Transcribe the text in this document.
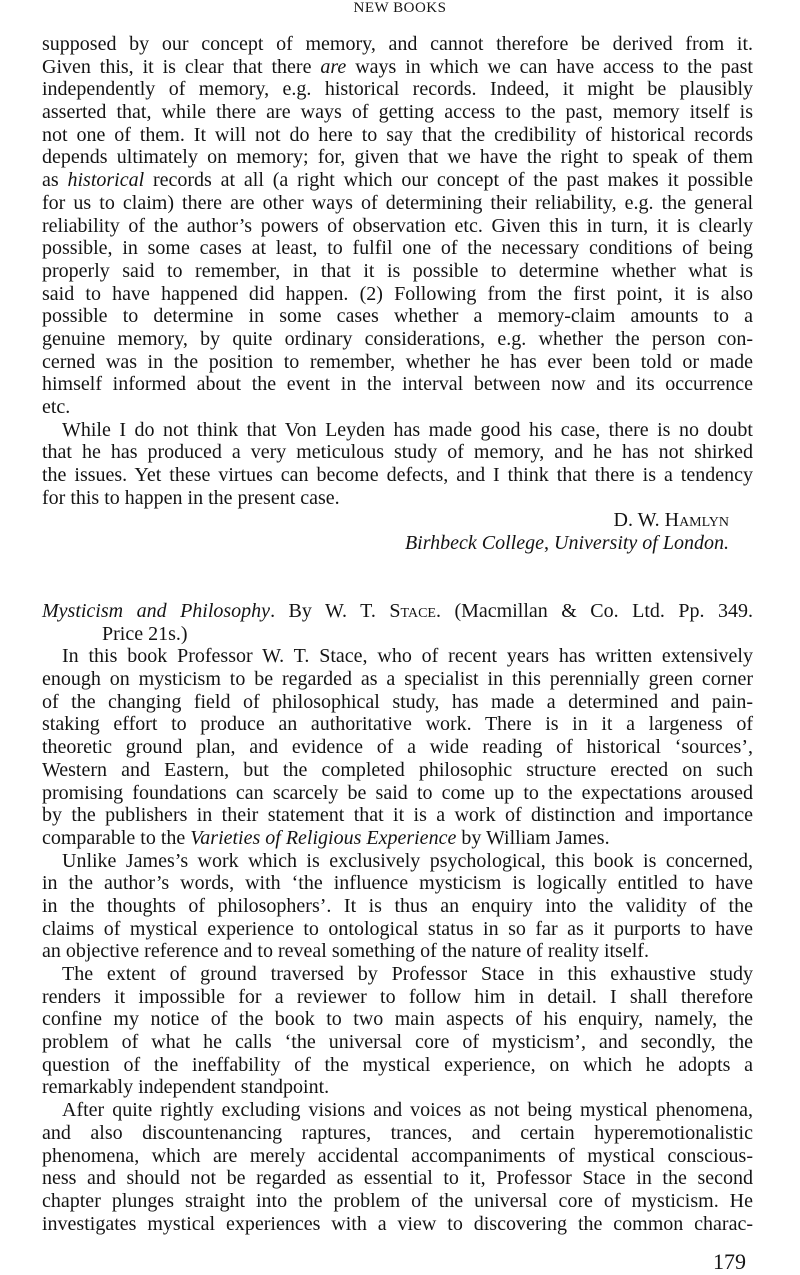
NEW BOOKS
supposed by our concept of memory, and cannot therefore be derived from it.
Given this, it is clear that there are ways in which we can have access to the past
independently of memory, e.g. historical records. Indeed, it might be plausibly
asserted that, while there are ways of getting access to the past, memory itself is
not one of them. It will not do here to say that the credibility of historical records
depends ultimately on memory; for, given that we have the right to speak of them
as historical records at all (a right which our concept of the past makes it possible
for us to claim) there are other ways of determining their reliability, e.g. the general
reliability of the author’s powers of observation etc. Given this in turn, it is clearly
possible, in some cases at least, to fulfil one of the necessary conditions of being
properly said to remember, in that it is possible to determine whether what is
said to have happened did happen. (2) Following from the first point, it is also
possible to determine in some cases whether a memory-claim amounts to a
genuine memory, by quite ordinary considerations, e.g. whether the person con-
cerned was in the position to remember, whether he has ever been told or made
himself informed about the event in the interval between now and its occurrence
etc.
While I do not think that Von Leyden has made good his case, there is no doubt
that he has produced a very meticulous study of memory, and he has not shirked
the issues. Yet these virtues can become defects, and I think that there is a tendency
for this to happen in the present case.
D. W. Hamlyn
Birhbeck College, University of London.
Mysticism and Philosophy. By W. T. Stace. (Macmillan & Co. Ltd. Pp. 349.
Price 21s.)
In this book Professor W. T. Stace, who of recent years has written extensively
enough on mysticism to be regarded as a specialist in this perennially green corner
of the changing field of philosophical study, has made a determined and pain-
staking effort to produce an authoritative work. There is in it a largeness of
theoretic ground plan, and evidence of a wide reading of historical ‘sources’,
Western and Eastern, but the completed philosophic structure erected on such
promising foundations can scarcely be said to come up to the expectations aroused
by the publishers in their statement that it is a work of distinction and importance
comparable to the Varieties of Religious Experience by William James.
Unlike James’s work which is exclusively psychological, this book is concerned,
in the author’s words, with ‘the influence mysticism is logically entitled to have
in the thoughts of philosophers’. It is thus an enquiry into the validity of the
claims of mystical experience to ontological status in so far as it purports to have
an objective reference and to reveal something of the nature of reality itself.
The extent of ground traversed by Professor Stace in this exhaustive study
renders it impossible for a reviewer to follow him in detail. I shall therefore
confine my notice of the book to two main aspects of his enquiry, namely, the
problem of what he calls ‘the universal core of mysticism’, and secondly, the
question of the ineffability of the mystical experience, on which he adopts a
remarkably independent standpoint.
After quite rightly excluding visions and voices as not being mystical phenomena,
and also discountenancing raptures, trances, and certain hyperemotionalistic
phenomena, which are merely accidental accompaniments of mystical conscious-
ness and should not be regarded as essential to it, Professor Stace in the second
chapter plunges straight into the problem of the universal core of mysticism. He
investigates mystical experiences with a view to discovering the common charac-
179
